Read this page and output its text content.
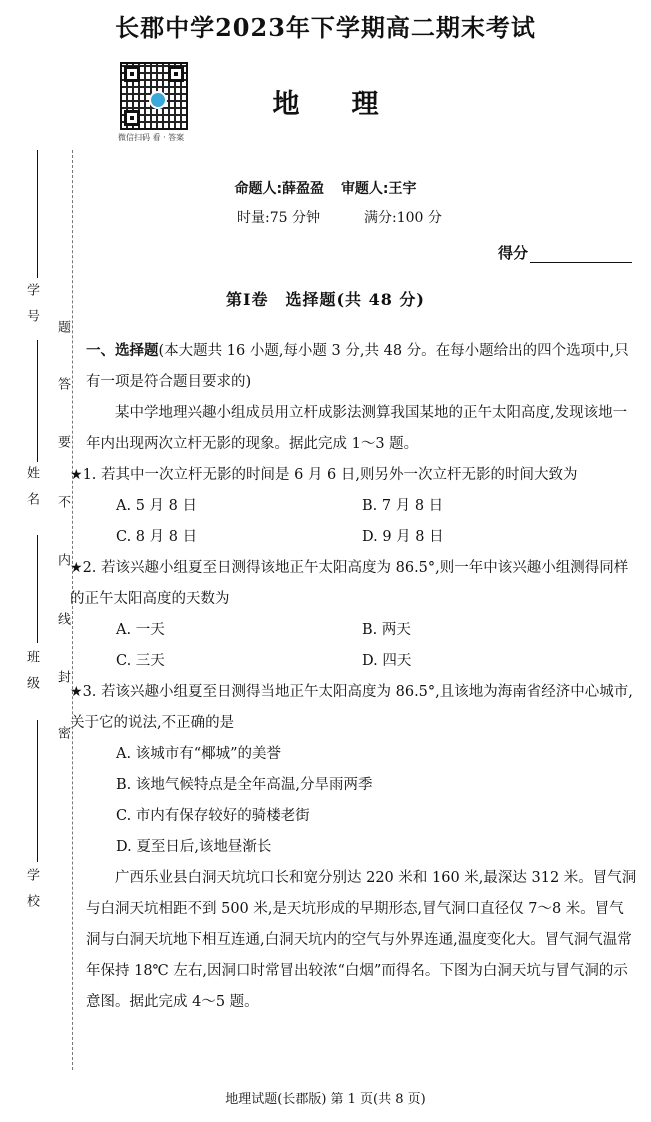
学　号
姓　名
班　级
学　校
题
答
要
不
内
线
封
密
长郡中学2023年下学期高二期末考试
微信扫码 看 · 答案
地 理
命题人:薛盈盈 审题人:王宇
时量:75 分钟	满分:100 分
得分
第Ⅰ卷　选择题(共 48 分)

一、选择题(本大题共 16 小题,每小题 3 分,共 48 分。在每小题给出的四个选项中,只有一项是符合题目要求的)

某中学地理兴趣小组成员用立杆成影法测算我国某地的正午太阳高度,发现该地一年内出现两次立杆无影的现象。据此完成 1～3 题。

★1. 若其中一次立杆无影的时间是 6 月 6 日,则另外一次立杆无影的时间大致为

A. 5 月 8 日	B. 7 月 8 日
C. 8 月 8 日	D. 9 月 8 日

★2. 若该兴趣小组夏至日测得该地正午太阳高度为 86.5°,则一年中该兴趣小组测得同样的正午太阳高度的天数为

A. 一天	B. 两天
C. 三天	D. 四天

★3. 若该兴趣小组夏至日测得当地正午太阳高度为 86.5°,且该地为海南省经济中心城市,关于它的说法,不正确的是

A. 该城市有“椰城”的美誉

B. 该地气候特点是全年高温,分旱雨两季

C. 市内有保存较好的骑楼老街

D. 夏至日后,该地昼渐长

广西乐业县白洞天坑坑口长和宽分别达 220 米和 160 米,最深达 312 米。冒气洞与白洞天坑相距不到 500 米,是天坑形成的早期形态,冒气洞口直径仅 7～8 米。冒气洞与白洞天坑地下相互连通,白洞天坑内的空气与外界连通,温度变化大。冒气洞气温常年保持 18℃ 左右,因洞口时常冒出较浓“白烟”而得名。下图为白洞天坑与冒气洞的示意图。据此完成 4～5 题。

地理试题(长郡版) 第 1 页(共 8 页)
